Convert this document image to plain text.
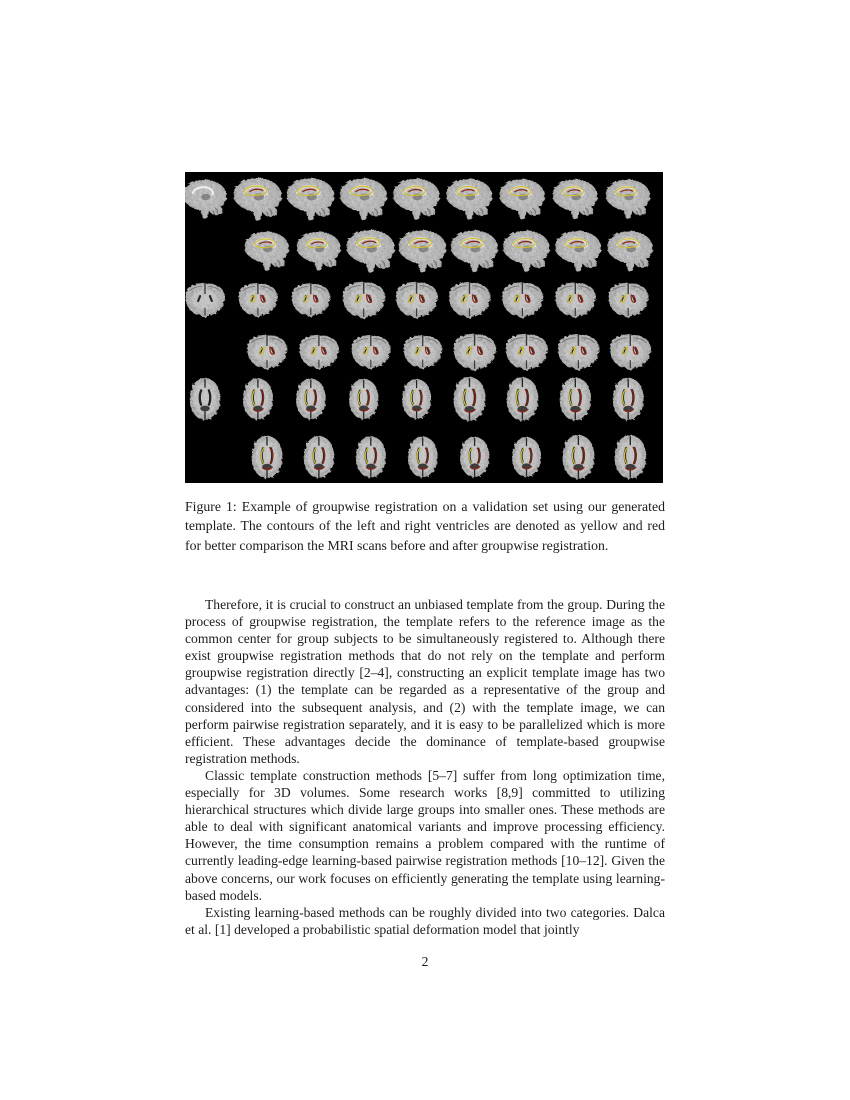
Figure 1: Example of groupwise registration on a validation set using our generated template. The contours of the left and right ventricles are denoted as yellow and red for better comparison the MRI scans before and after groupwise registration.

Therefore, it is crucial to construct an unbiased template from the group. During the process of groupwise registration, the template refers to the reference image as the common center for group subjects to be simultaneously registered to. Although there exist groupwise registration methods that do not rely on the template and perform groupwise registration directly [2–4], constructing an explicit template image has two advantages: (1) the template can be regarded as a representative of the group and considered into the subsequent analysis, and (2) with the template image, we can perform pairwise registration separately, and it is easy to be parallelized which is more efficient. These advantages decide the dominance of template-based groupwise registration methods.

Classic template construction methods [5–7] suffer from long optimization time, especially for 3D volumes. Some research works [8,9] committed to utilizing hierarchical structures which divide large groups into smaller ones. These methods are able to deal with significant anatomical variants and improve processing efficiency. However, the time consumption remains a problem compared with the runtime of currently leading-edge learning-based pairwise registration methods [10–12]. Given the above concerns, our work focuses on efficiently generating the template using learning-based models.

Existing learning-based methods can be roughly divided into two categories. Dalca et al. [1] developed a probabilistic spatial deformation model that jointly

2
